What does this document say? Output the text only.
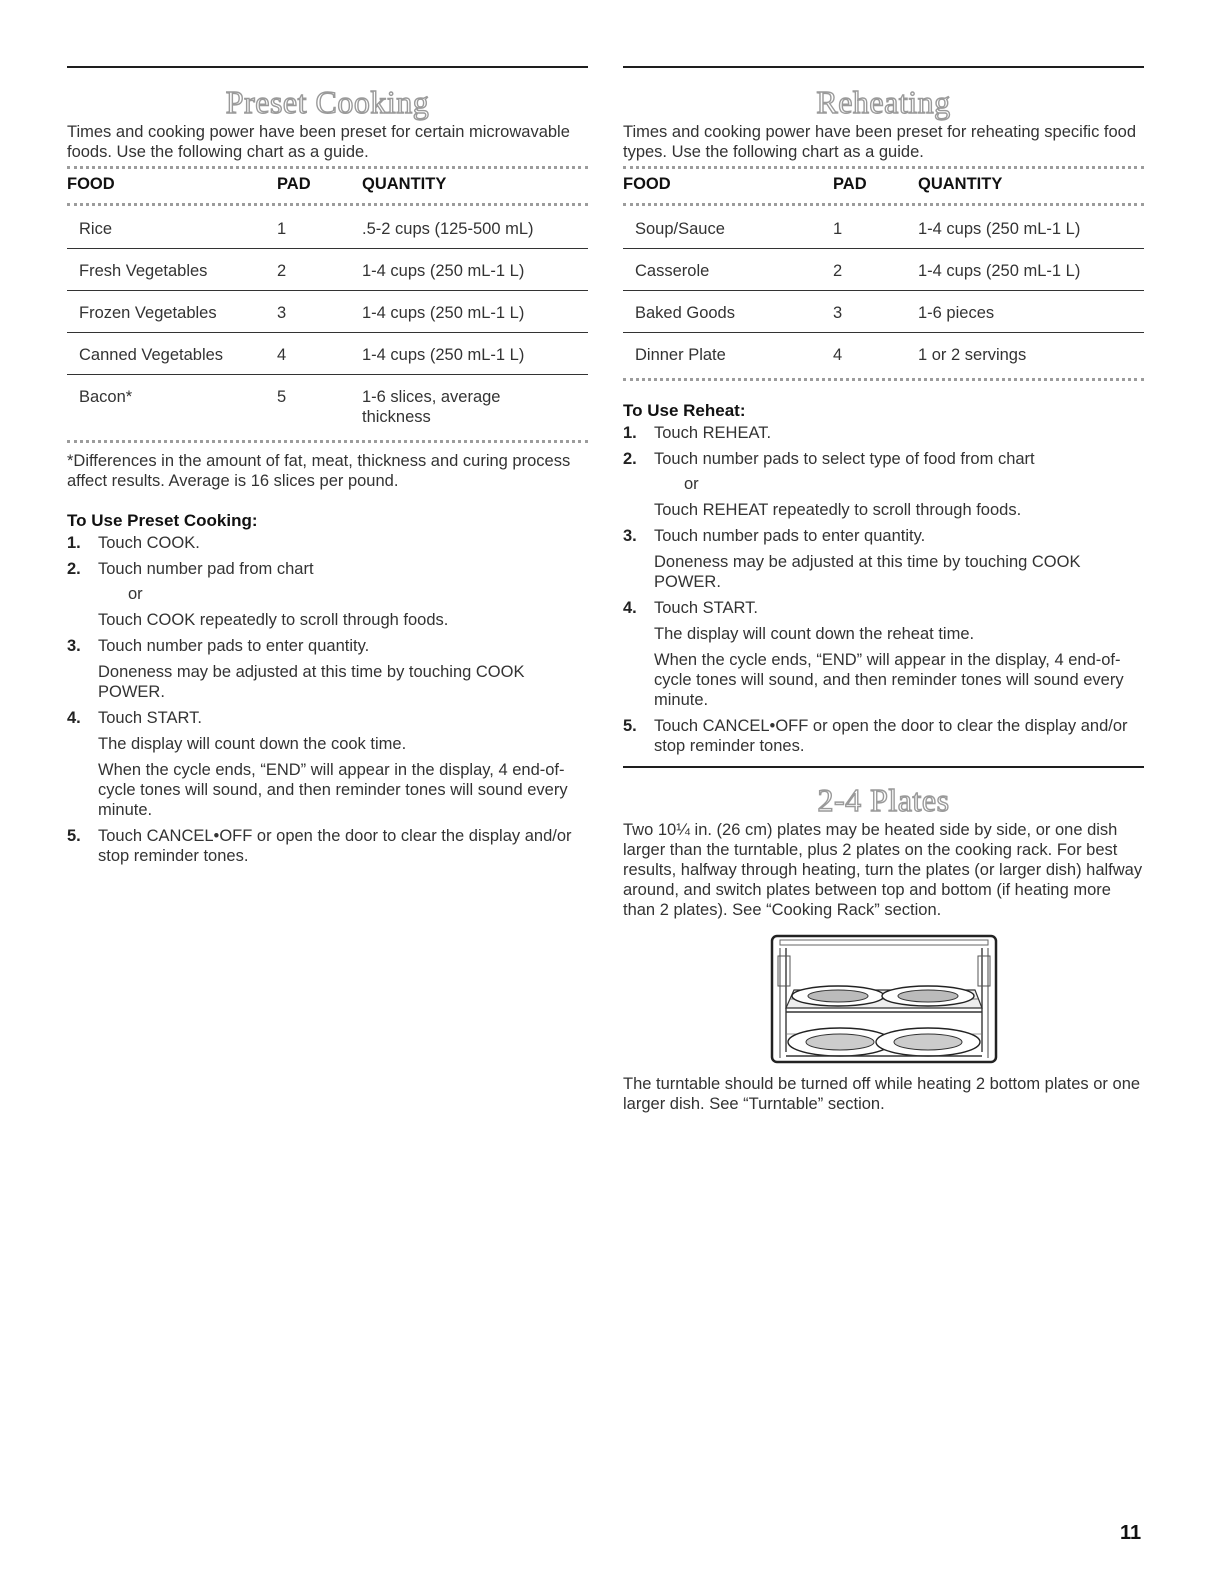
Preset Cooking

Times and cooking power have been preset for certain microwavable foods. Use the following chart as a guide.

FOOD	PAD	QUANTITY

Rice	1	.5-2 cups (125-500 mL)
Fresh Vegetables	2	1-4 cups (250 mL-1 L)
Frozen Vegetables	3	1-4 cups (250 mL-1 L)
Canned Vegetables	4	1-4 cups (250 mL-1 L)
Bacon*	5	1-6 slices, average thickness

*Differences in the amount of fat, meat, thickness and curing process affect results. Average is 16 slices per pound.

To Use Preset Cooking:
1. Touch COOK.
2. Touch number pad from chart

or

Touch COOK repeatedly to scroll through foods.

3. Touch number pads to enter quantity.

Doneness may be adjusted at this time by touching COOK POWER.

4. Touch START.

The display will count down the cook time.

When the cycle ends, “END” will appear in the display, 4 end-of-cycle tones will sound, and then reminder tones will sound every minute.

5. Touch CANCEL•OFF or open the door to clear the display and/or stop reminder tones.
Reheating

Times and cooking power have been preset for reheating specific food types. Use the following chart as a guide.

FOOD	PAD	QUANTITY

Soup/Sauce	1	1-4 cups (250 mL-1 L)
Casserole	2	1-4 cups (250 mL-1 L)
Baked Goods	3	1-6 pieces
Dinner Plate	4	1 or 2 servings
To Use Reheat:
1. Touch REHEAT.
2. Touch number pads to select type of food from chart

or

Touch REHEAT repeatedly to scroll through foods.

3. Touch number pads to enter quantity.

Doneness may be adjusted at this time by touching COOK POWER.

4. Touch START.

The display will count down the reheat time.

When the cycle ends, “END” will appear in the display, 4 end-of-cycle tones will sound, and then reminder tones will sound every minute.

5. Touch CANCEL•OFF or open the door to clear the display and/or stop reminder tones.
2-4 Plates

Two 10¼ in. (26 cm) plates may be heated side by side, or one dish larger than the turntable, plus 2 plates on the cooking rack. For best results, halfway through heating, turn the plates (or larger dish) halfway around, and switch plates between top and bottom (if heating more than 2 plates). See “Cooking Rack” section.

The turntable should be turned off while heating 2 bottom plates or one larger dish. See “Turntable” section.

11
